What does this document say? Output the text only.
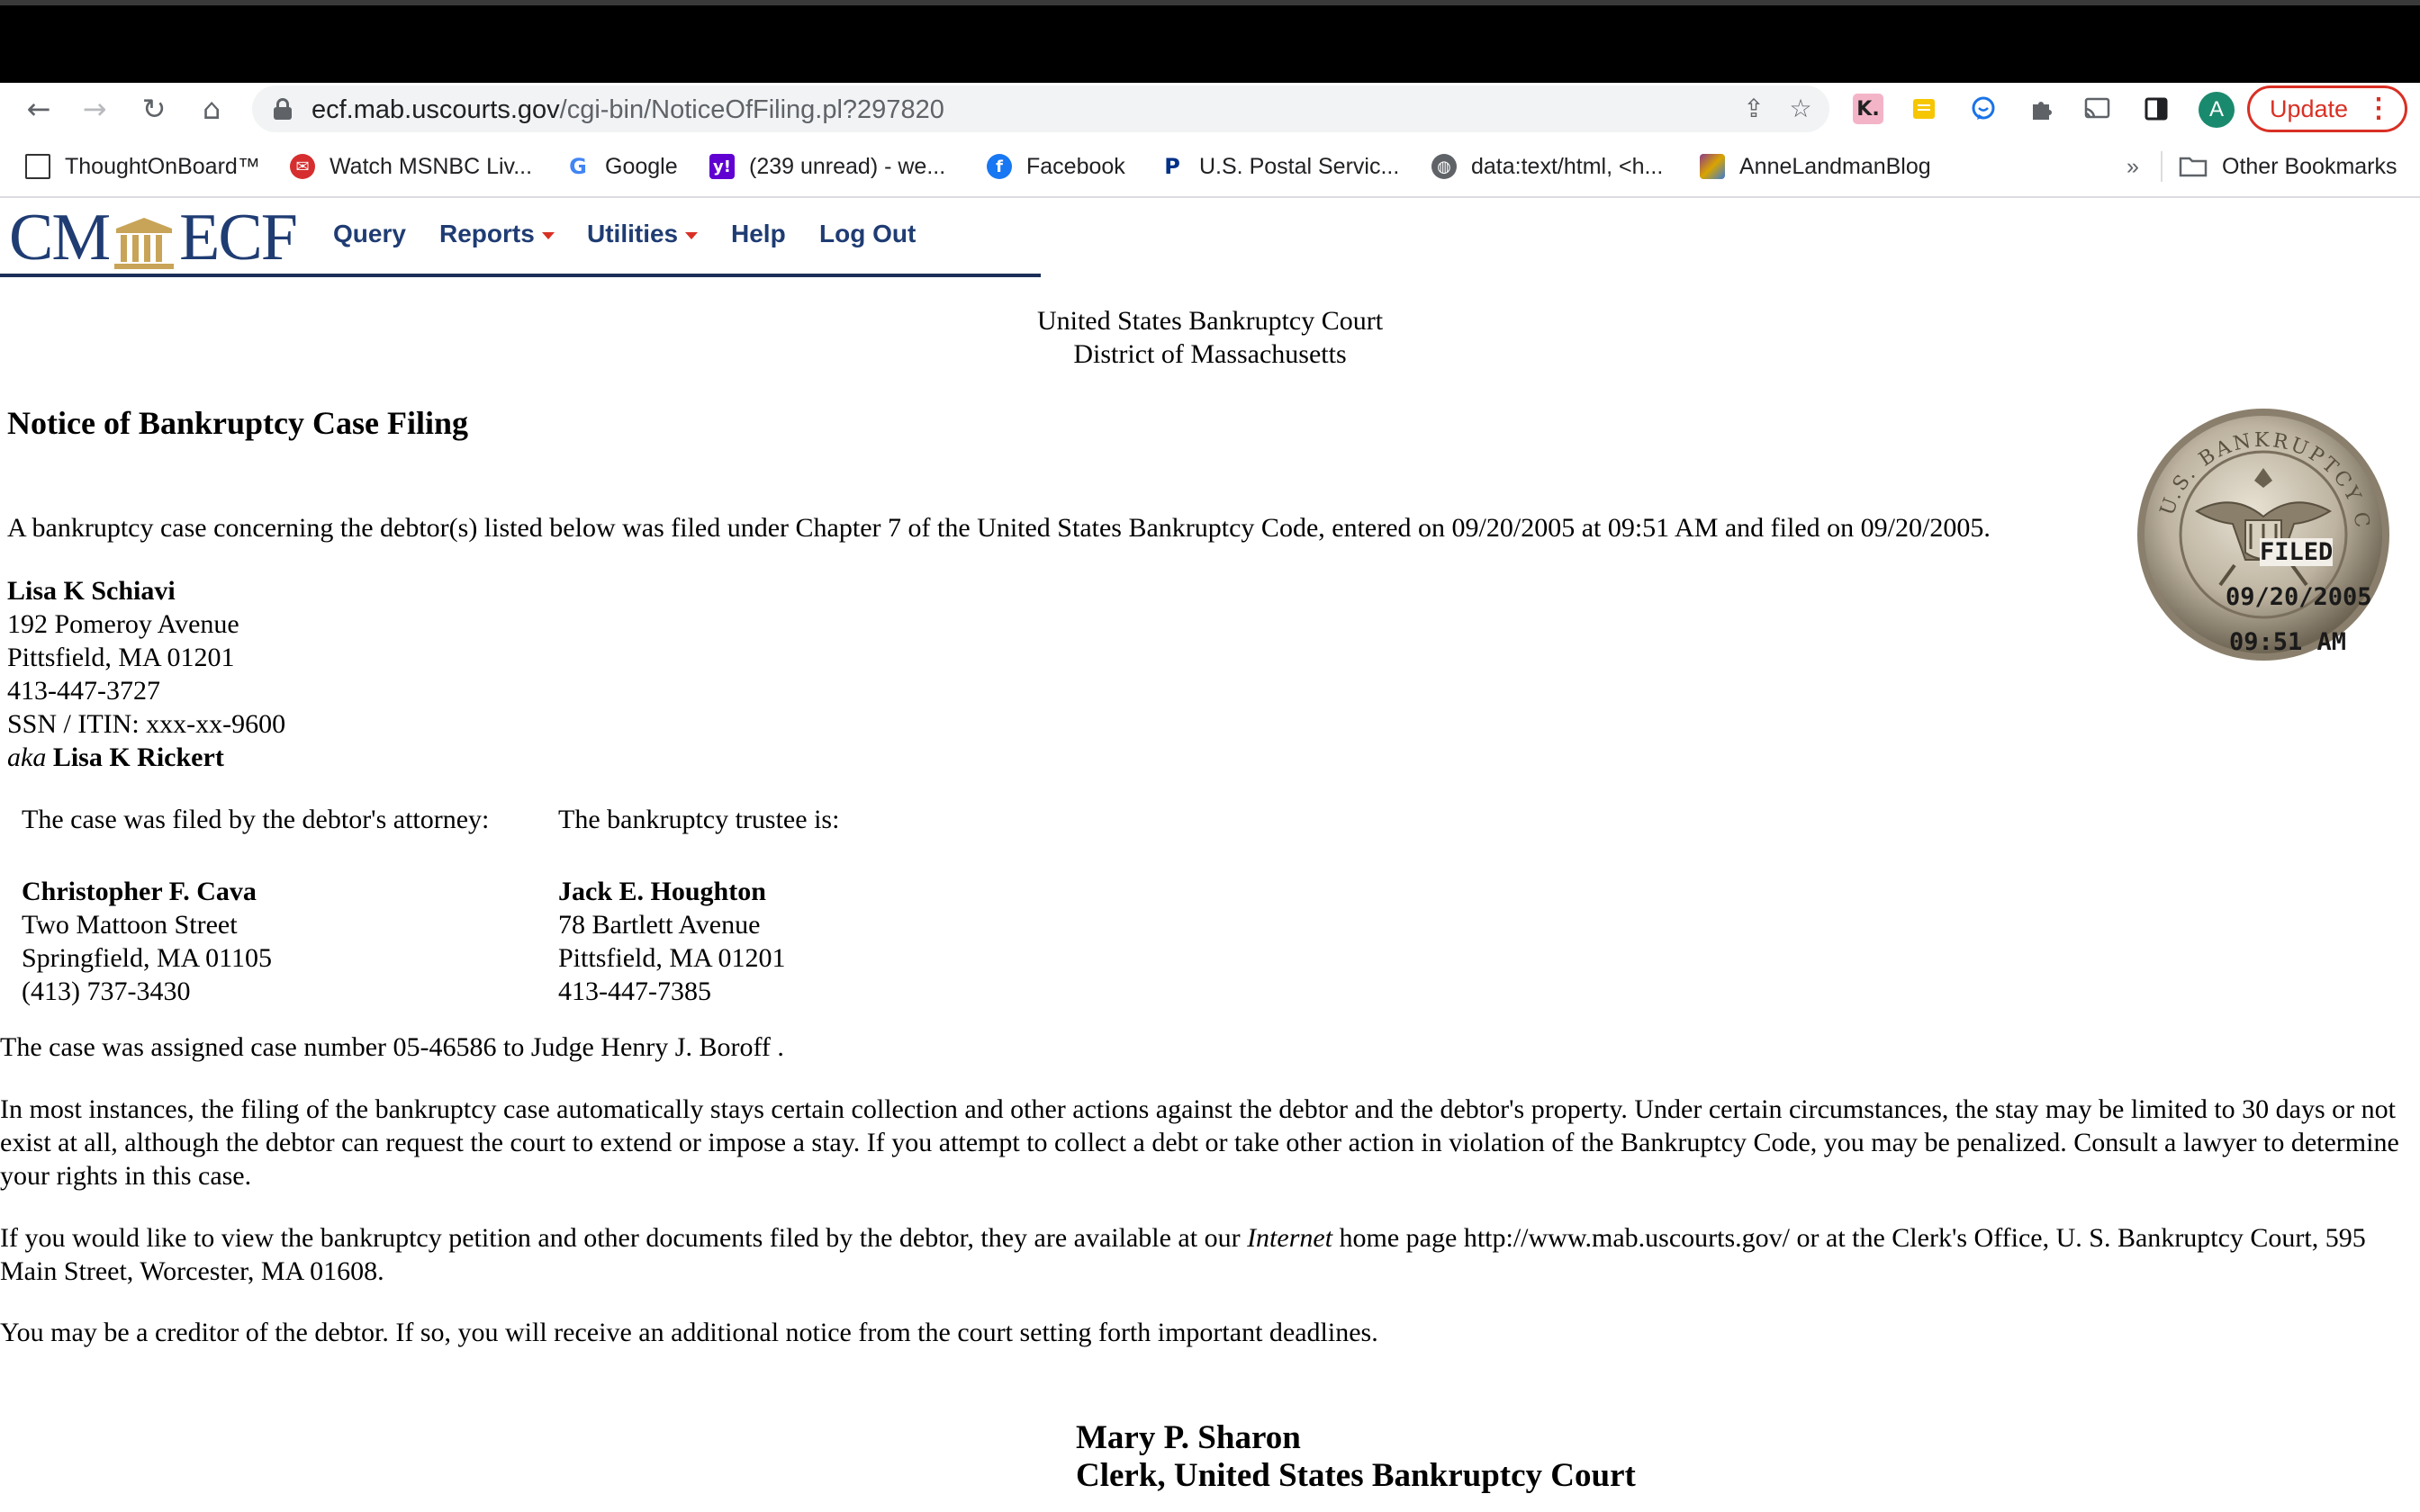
← → ↻	⌂	ecf.mab.uscourts.gov/cgi-bin/NoticeOfFiling.pl?297820	⇪ ☆ K.	A	Update ⋮
ThoughtOnBoard™	✉ Watch MSNBC Liv... G Google y! (239 unread) - we...	f	Facebook P U.S. Postal Servic...	◍ data:text/html, <h...	AnneLandmanBlog	»	Other Bookmarks
CM ECF Query Reports	Utilities	Help Log Out
United States Bankruptcy Court
District of Massachusetts
Notice of Bankruptcy Case Filing
A bankruptcy case concerning the debtor(s) listed below was filed under Chapter 7 of the United States Bankruptcy Code, entered on 09/20/2005 at 09:51 AM and filed on 09/20/2005.
Lisa K Schiavi
192 Pomeroy Avenue
Pittsfield, MA 01201
413-447-3727
SSN / ITIN: xxx-xx-9600
aka Lisa K Rickert
The case was filed by the debtor's attorney:
Christopher F. Cava
Two Mattoon Street
Springfield, MA 01105
(413) 737-3430
The bankruptcy trustee is:
Jack E. Houghton
78 Bartlett Avenue
Pittsfield, MA 01201
413-447-7385
The case was assigned case number 05-46586 to Judge Henry J. Boroff .
In most instances, the filing of the bankruptcy case automatically stays certain collection and other actions against the debtor and the debtor's property. Under certain circumstances, the stay may be limited to 30 days or not exist at all, although the debtor can request the court to extend or impose a stay. If you attempt to collect a debt or take other action in violation of the Bankruptcy Code, you may be penalized. Consult a lawyer to determine your rights in this case.
If you would like to view the bankruptcy petition and other documents filed by the debtor, they are available at our Internet home page http://www.mab.uscourts.gov/ or at the Clerk's Office, U. S. Bankruptcy Court, 595 Main Street, Worcester, MA 01608.
You may be a creditor of the debtor. If so, you will receive an additional notice from the court setting forth important deadlines.
Mary P. Sharon
Clerk, United States Bankruptcy Court
U.S. BANKRUPTCY C
FILED
09/20/2005
09:51 AM
